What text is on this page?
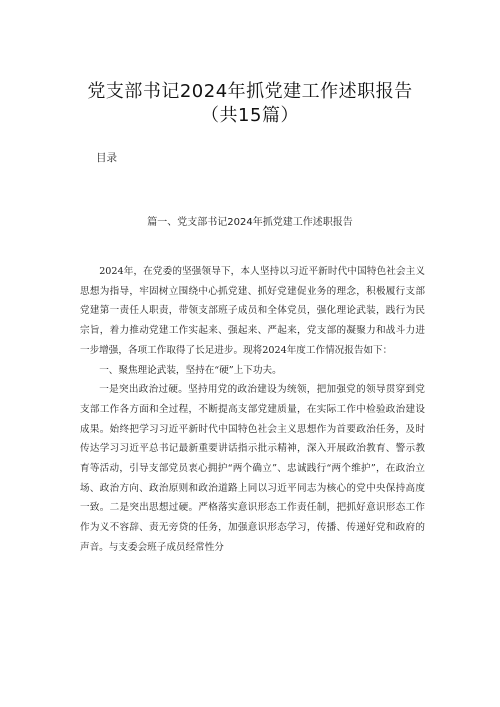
党支部书记2024年抓党建工作述职报告（共15篇）
目录
篇一、党支部书记2024年抓党建工作述职报告

2024年，在党委的坚强领导下，本人坚持以习近平新时代中国特色社会主义思想为指导，牢固树立围绕中心抓党建、抓好党建促业务的理念，积极履行支部党建第一责任人职责，带领支部班子成员和全体党员，强化理论武装，践行为民宗旨，着力推动党建工作实起来、强起来、严起来，党支部的凝聚力和战斗力进一步增强，各项工作取得了长足进步。现将2024年度工作情况报告如下：

一、聚焦理论武装，坚持在“硬”上下功夫。

一是突出政治过硬。坚持用党的政治建设为统领，把加强党的领导贯穿到党支部工作各方面和全过程，不断提高支部党建质量，在实际工作中检验政治建设成果。始终把学习习近平新时代中国特色社会主义思想作为首要政治任务，及时传达学习习近平总书记最新重要讲话指示批示精神，深入开展政治教育、警示教育等活动，引导支部党员衷心拥护“两个确立”、忠诚践行“两个维护”，在政治立场、政治方向、政治原则和政治道路上同以习近平同志为核心的党中央保持高度一致。二是突出思想过硬。严格落实意识形态工作责任制，把抓好意识形态工作作为义不容辞、责无旁贷的任务，加强意识形态学习，传播、传递好党和政府的声音。与支委会班子成员经常性分
